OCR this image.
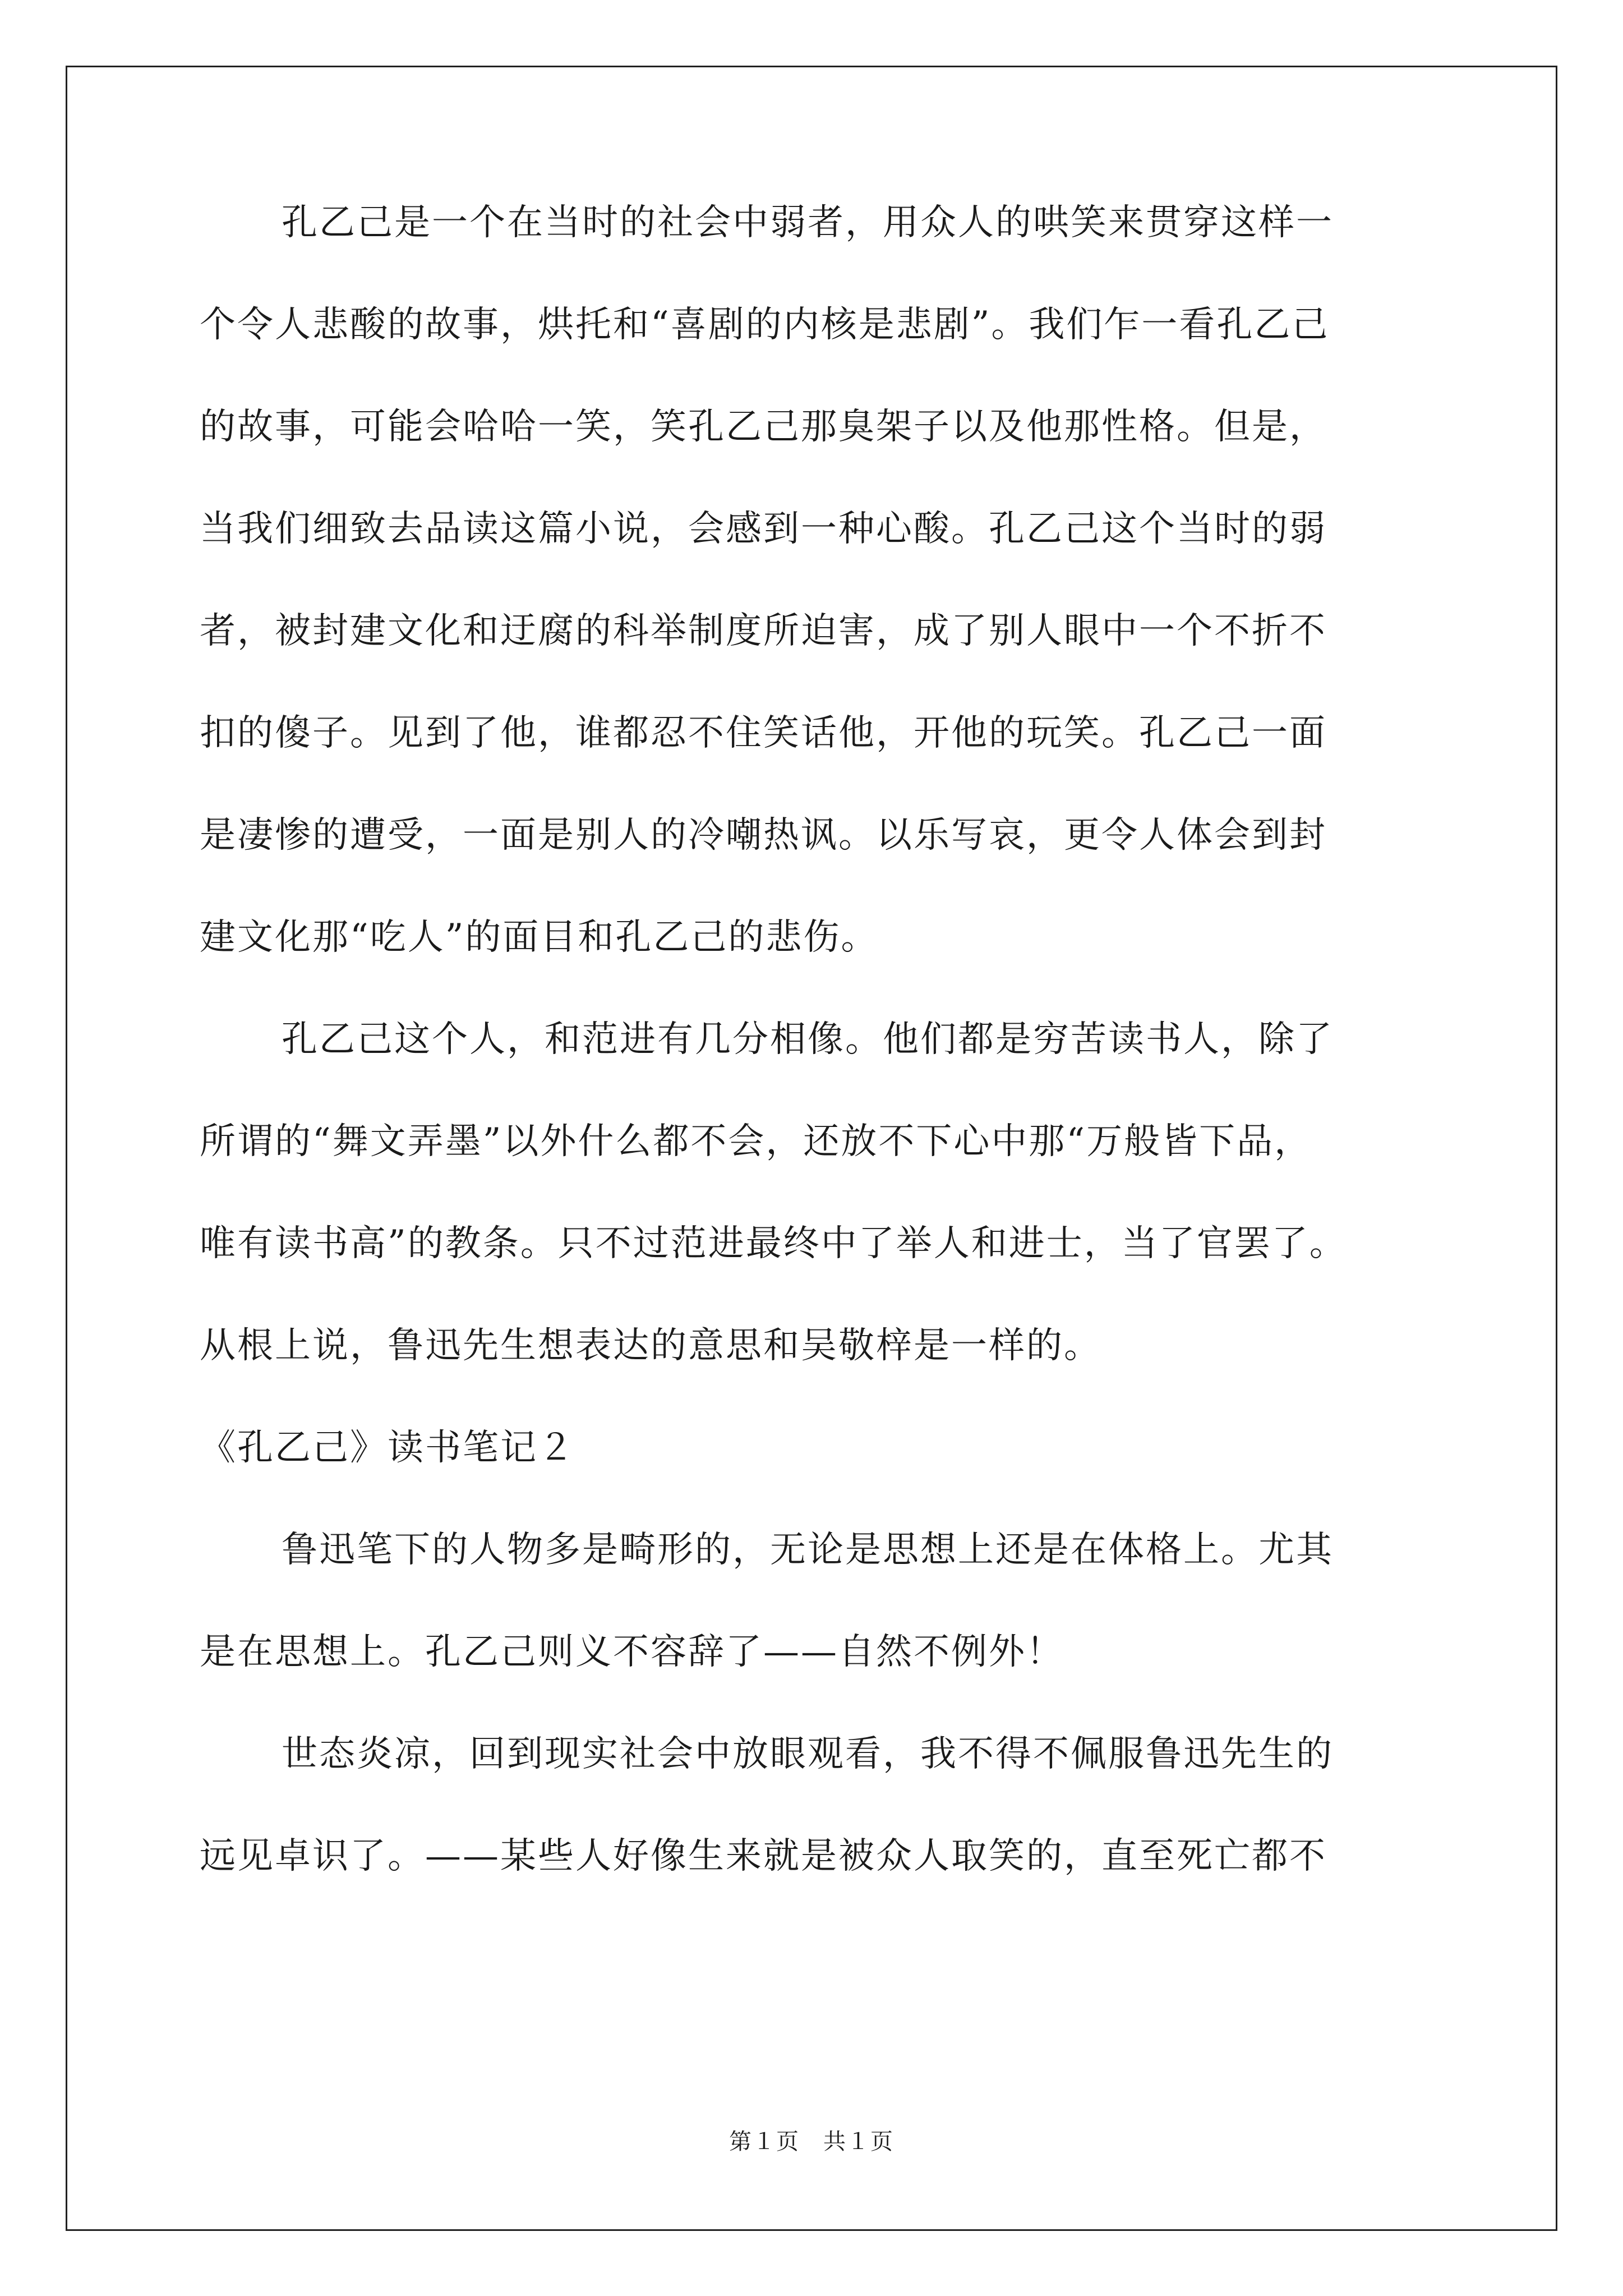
孔乙己是一个在当时的社会中弱者，用众人的哄笑来贯穿这样一
个令人悲酸的故事，烘托和“喜剧的内核是悲剧”。我们乍一看孔乙己
的故事，可能会哈哈一笑，笑孔乙己那臭架子以及他那性格。但是，
当我们细致去品读这篇小说，会感到一种心酸。孔乙己这个当时的弱
者，被封建文化和迂腐的科举制度所迫害，成了别人眼中一个不折不
扣的傻子。见到了他，谁都忍不住笑话他，开他的玩笑。孔乙己一面
是凄惨的遭受，一面是别人的冷嘲热讽。以乐写哀，更令人体会到封
建文化那“吃人”的面目和孔乙己的悲伤。
孔乙己这个人，和范进有几分相像。他们都是穷苦读书人，除了
所谓的“舞文弄墨”以外什么都不会，还放不下心中那“万般皆下品，
唯有读书高”的教条。只不过范进最终中了举人和进士，当了官罢了。
从根上说，鲁迅先生想表达的意思和吴敬梓是一样的。
《孔乙己》读书笔记２
鲁迅笔下的人物多是畸形的，无论是思想上还是在体格上。尤其
是在思想上。孔乙己则义不容辞了——自然不例外！
世态炎凉，回到现实社会中放眼观看，我不得不佩服鲁迅先生的
远见卓识了。——某些人好像生来就是被众人取笑的，直至死亡都不
第１页　共１页
